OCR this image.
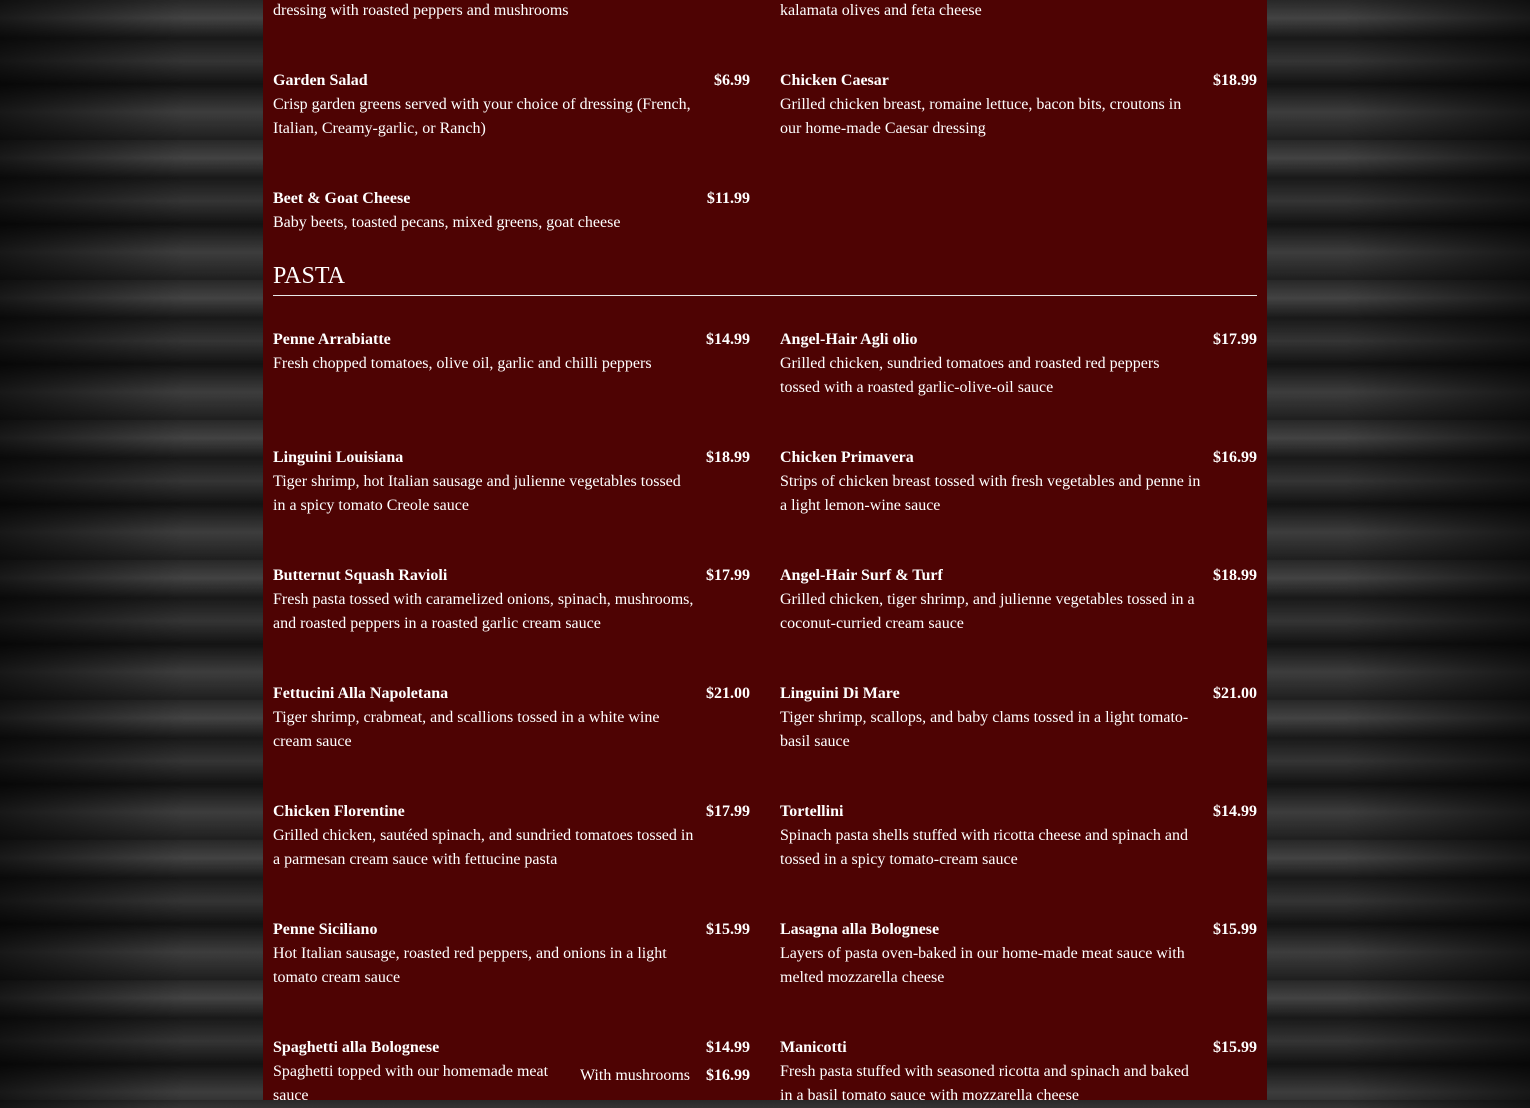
dressing with roasted peppers and mushrooms	kalamata olives and feta cheese
Garden Salad	$6.99
Crisp garden greens served with your choice of dressing (French, Italian, Creamy-garlic, or Ranch)
Chicken Caesar	$18.99
Grilled chicken breast, romaine lettuce, bacon bits, croutons in our home-made Caesar dressing
Beet & Goat Cheese	$11.99
Baby beets, toasted pecans, mixed greens, goat cheese
PASTA
Penne Arrabiatte	$14.99
Fresh chopped tomatoes, olive oil, garlic and chilli peppers
Angel-Hair Agli olio	$17.99
Grilled chicken, sundried tomatoes and roasted red peppers tossed with a roasted garlic-olive-oil sauce
Linguini Louisiana	$18.99
Tiger shrimp, hot Italian sausage and julienne vegetables tossed in a spicy tomato Creole sauce
Chicken Primavera	$16.99
Strips of chicken breast tossed with fresh vegetables and penne in a light lemon-wine sauce
Butternut Squash Ravioli	$17.99
Fresh pasta tossed with caramelized onions, spinach, mushrooms, and roasted peppers in a roasted garlic cream sauce
Angel-Hair Surf & Turf	$18.99
Grilled chicken, tiger shrimp, and julienne vegetables tossed in a coconut-curried cream sauce
Fettucini Alla Napoletana	$21.00
Tiger shrimp, crabmeat, and scallions tossed in a white wine cream sauce
Linguini Di Mare	$21.00
Tiger shrimp, scallops, and baby clams tossed in a light tomato-basil sauce
Chicken Florentine	$17.99
Grilled chicken, sautéed spinach, and sundried tomatoes tossed in a parmesan cream sauce with fettucine pasta
Tortellini	$14.99
Spinach pasta shells stuffed with ricotta cheese and spinach and tossed in a spicy tomato-cream sauce
Penne Siciliano	$15.99
Hot Italian sausage, roasted red peppers, and onions in a light tomato cream sauce
Lasagna alla Bolognese	$15.99
Layers of pasta oven-baked in our home-made meat sauce with melted mozzarella cheese
Spaghetti alla Bolognese	$14.99
Spaghetti topped with our homemade meat sauce
With mushrooms $16.99
Manicotti	$15.99
Fresh pasta stuffed with seasoned ricotta and spinach and baked in a basil tomato sauce with mozzarella cheese
